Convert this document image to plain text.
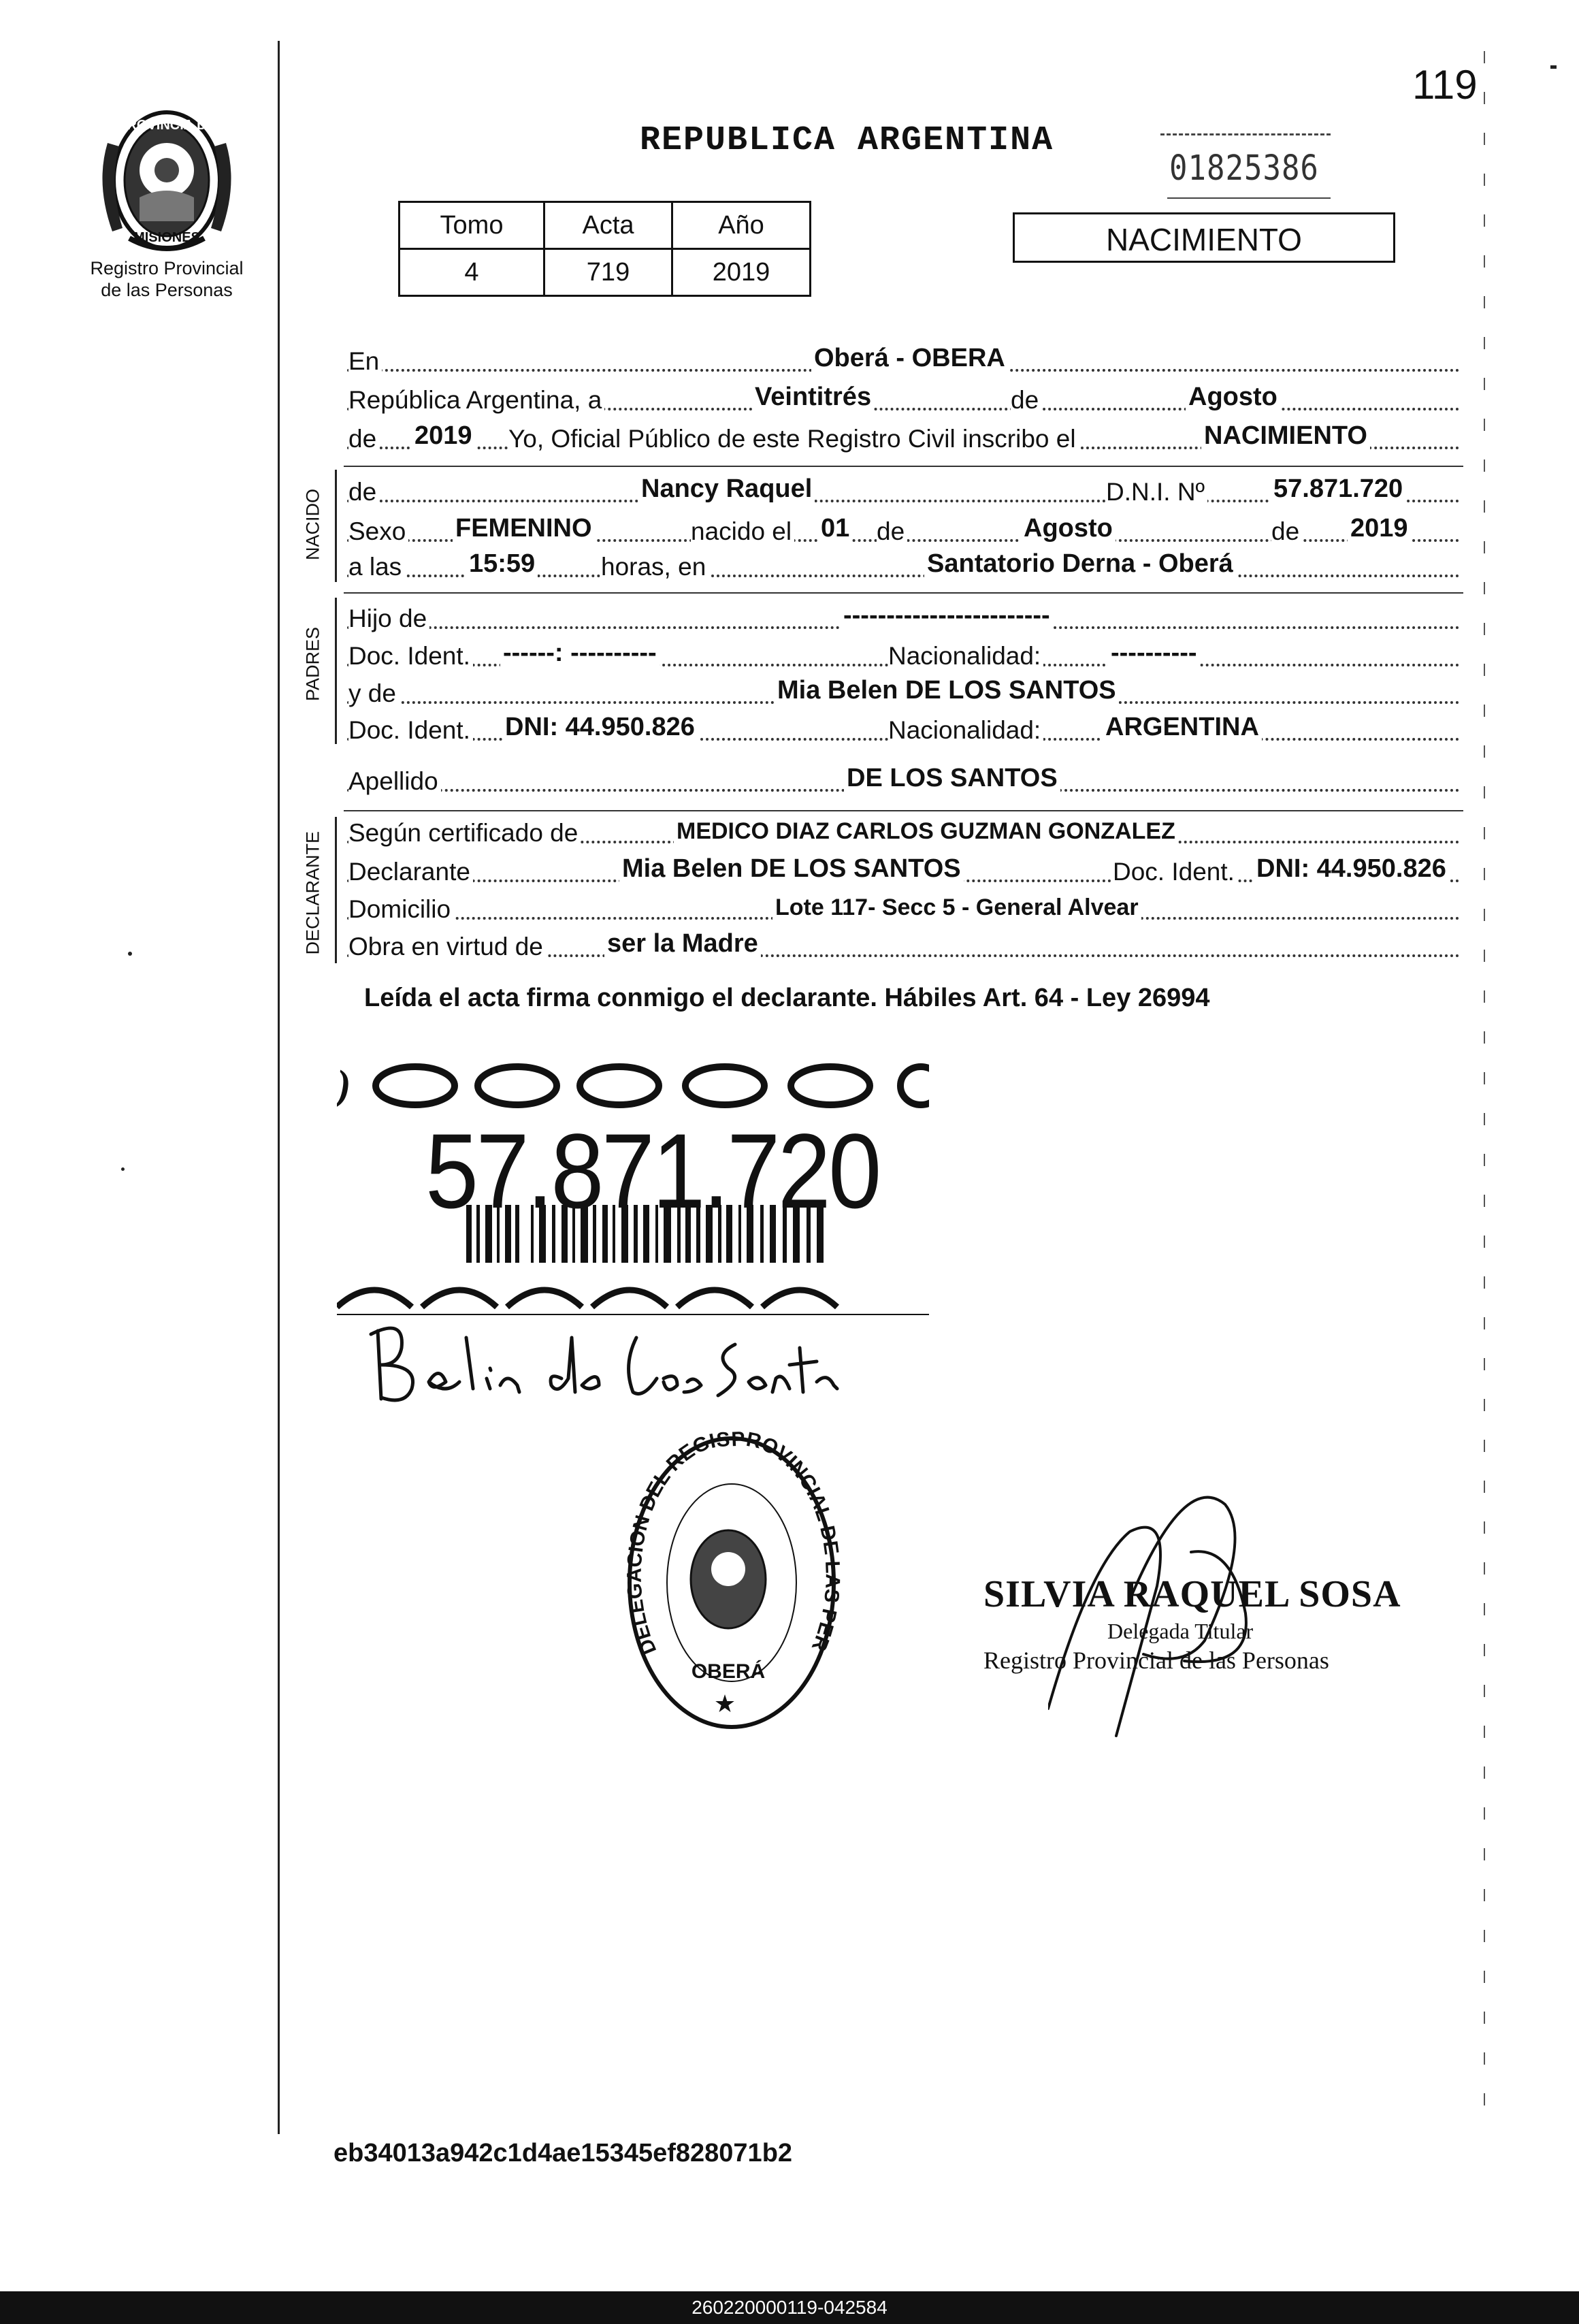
PROVINCIA DE
MISIONES
Registro Provincial
de las Personas
REPUBLICA ARGENTINA
01825386
119
Tomo	Acta	Año
4	719	2019
NACIMIENTO
En	Oberá - OBERA
República Argentina, a	Veintitrés	de	Agosto
de 2019 Yo, Oficial Público de este Registro Civil inscribo el	NACIMIENTO
NACIDO de	Nancy Raquel	D.N.I. Nº	57.871.720
Sexo FEMENINO	nacido el 01 de	Agosto	de 2019
a las	15:59	horas, en	Santatorio Derna - Oberá
PADRES
Hijo de	------------------------
Doc. Ident. ------: ----------	Nacionalidad:	----------
y de	Mia Belen DE LOS SANTOS
Doc. Ident. DNI: 44.950.826	Nacionalidad: ARGENTINA
Apellido	DE LOS SANTOS
DECLARANTE Según certificado de	MEDICO DIAZ CARLOS GUZMAN GONZALEZ
Declarante	Mia Belen DE LOS SANTOS	Doc. Ident. DNI: 44.950.826
Domicilio	Lote 117- Secc 5 - General Alvear
Obra en virtud de ser la Madre
Leída el acta firma conmigo el declarante. Hábiles Art. 64 - Ley 26994
)
57.871.720
DELEGACION DEL REGIS PROVINCIAL DE LAS PER
OBERÁ
★
SILVIA RAQUEL SOSA
Delegada Titular
Registro Provincial de las Personas
eb34013a942c1d4ae15345ef828071b2
260220000119-042584
